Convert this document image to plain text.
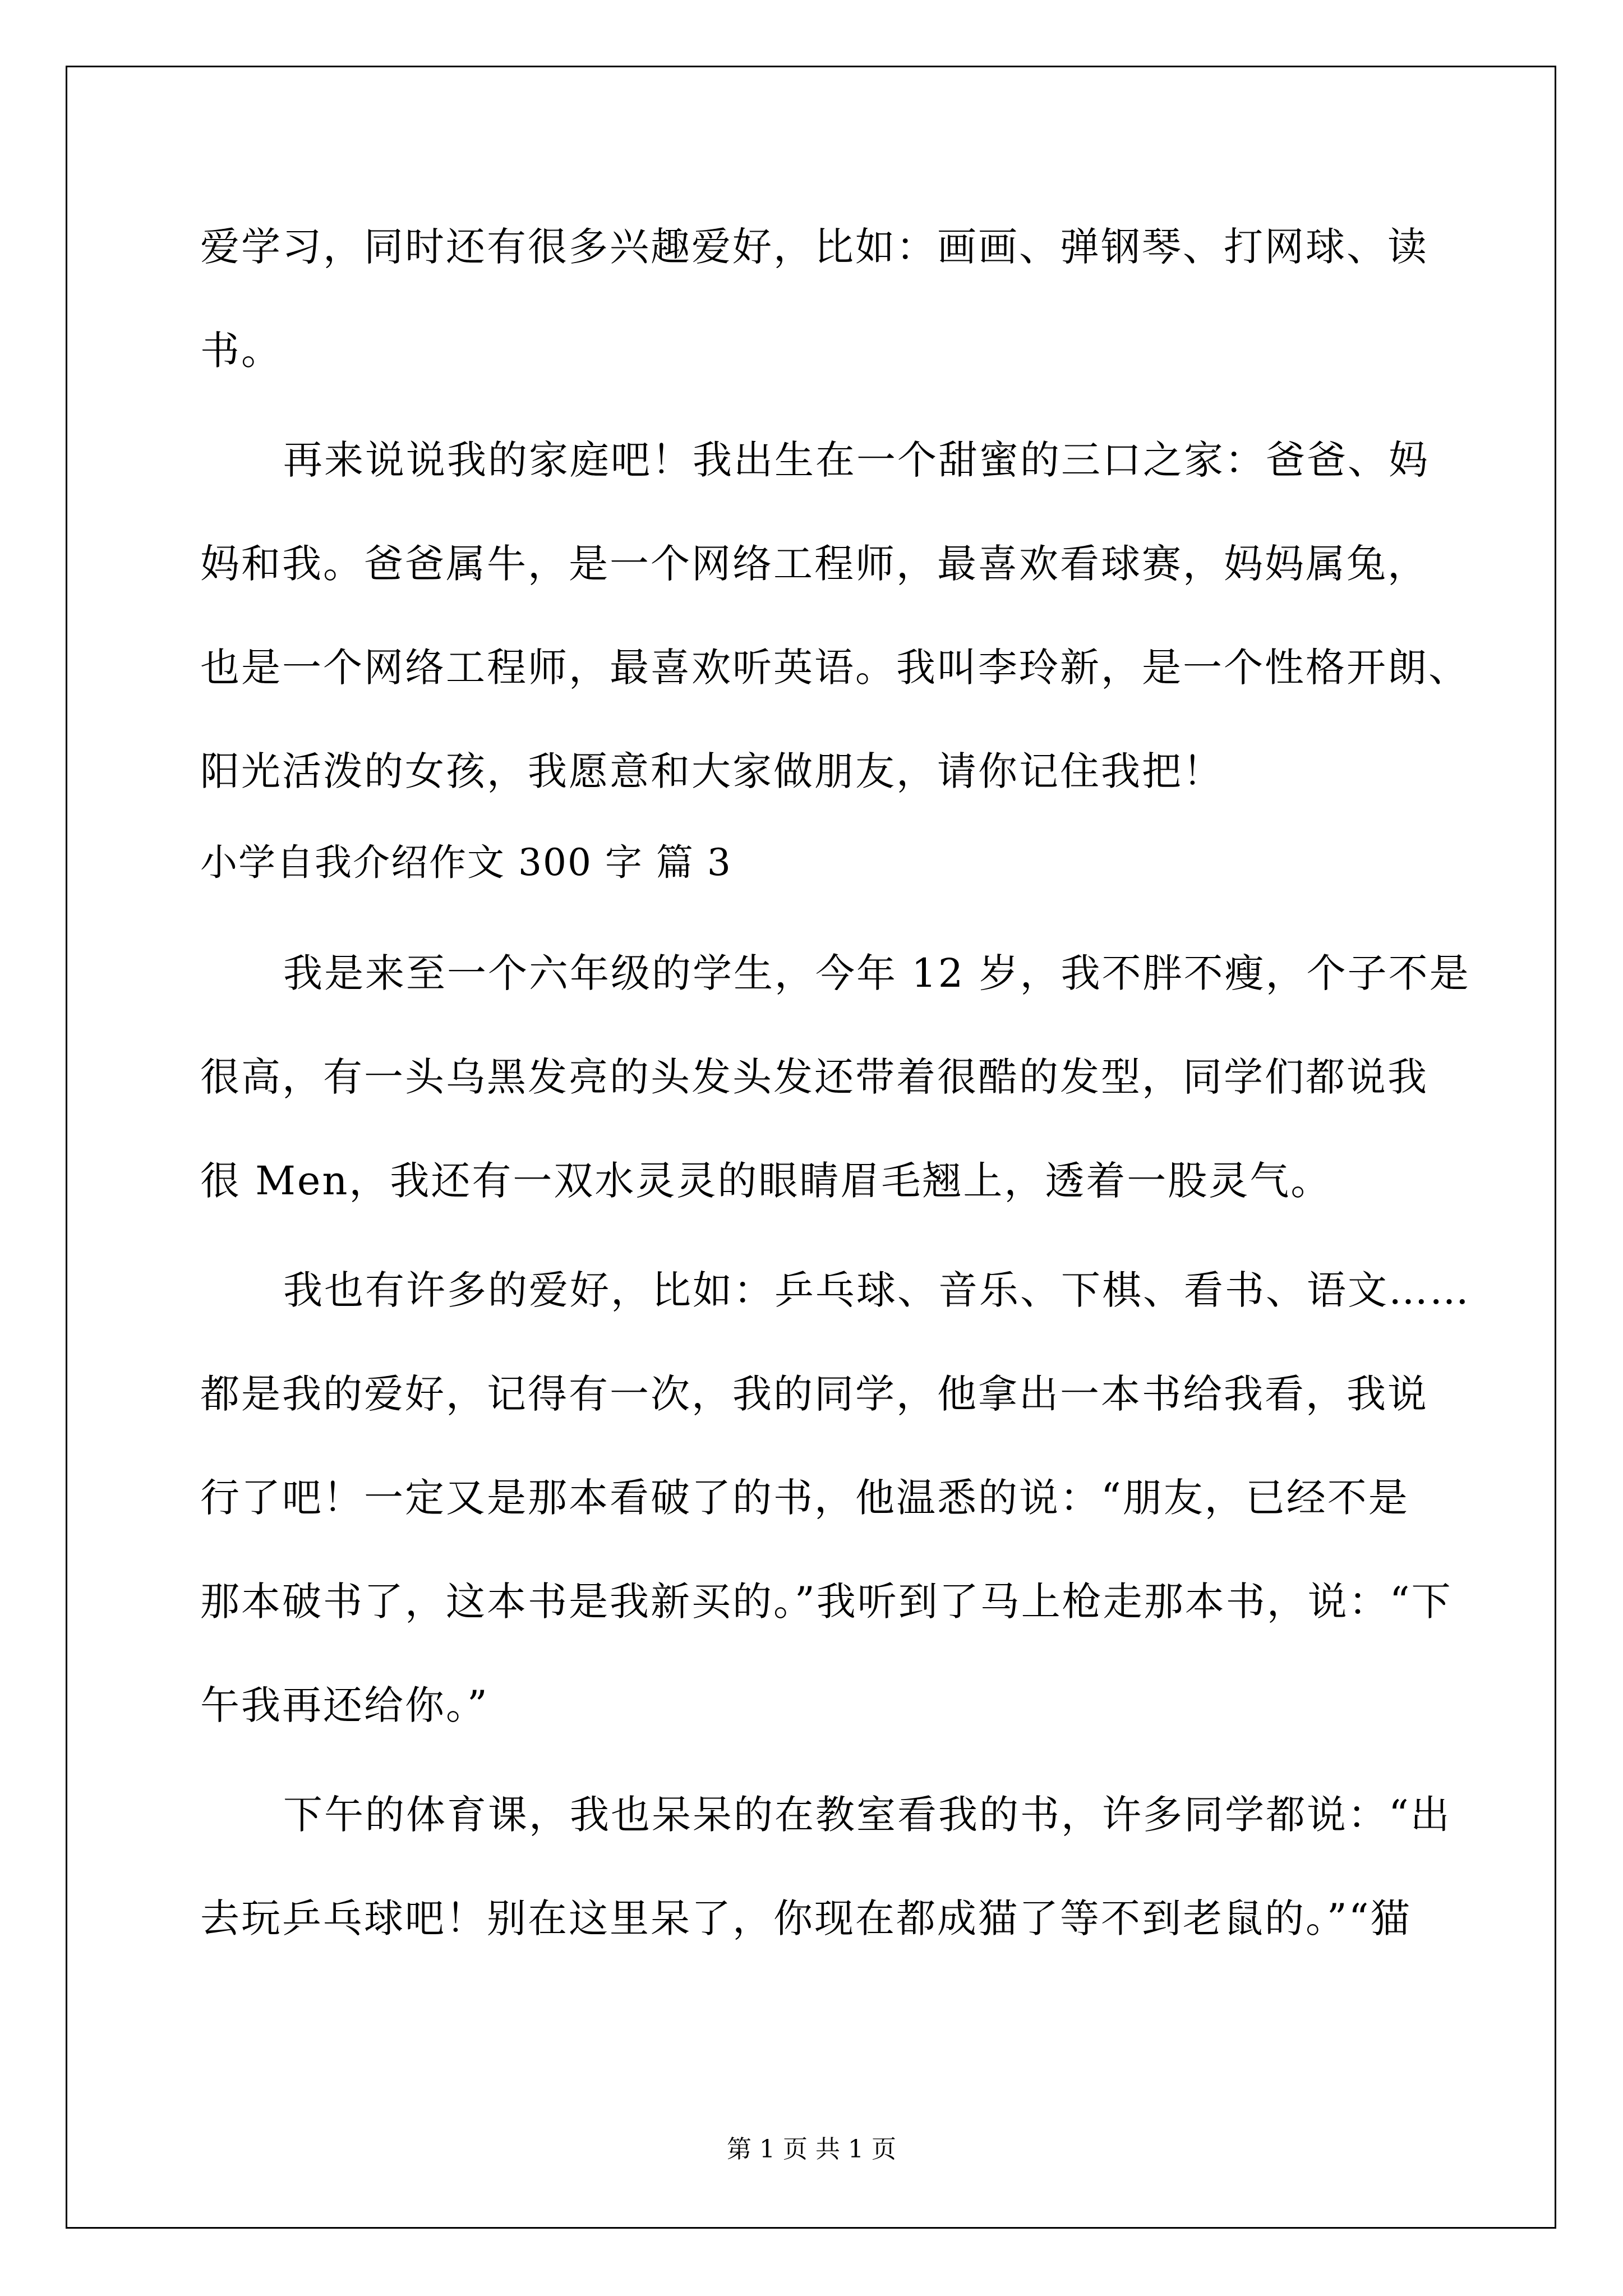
爱学习，同时还有很多兴趣爱好，比如：画画、弹钢琴、打网球、读
书。
再来说说我的家庭吧！我出生在一个甜蜜的三口之家：爸爸、妈
妈和我。爸爸属牛，是一个网络工程师，最喜欢看球赛，妈妈属兔，
也是一个网络工程师，最喜欢听英语。我叫李玲新，是一个性格开朗、
阳光活泼的女孩，我愿意和大家做朋友，请你记住我把！
小学自我介绍作文 300 字 篇 3
我是来至一个六年级的学生，今年 12 岁，我不胖不瘦，个子不是
很高，有一头乌黑发亮的头发头发还带着很酷的发型，同学们都说我
很 Men，我还有一双水灵灵的眼睛眉毛翘上，透着一股灵气。
我也有许多的爱好，比如：乒乓球、音乐、下棋、看书、语文……
都是我的爱好，记得有一次，我的同学，他拿出一本书给我看，我说
行了吧！一定又是那本看破了的书，他温悉的说：“朋友，已经不是
那本破书了，这本书是我新买的。”我听到了马上枪走那本书，说：“下
午我再还给你。”
下午的体育课，我也呆呆的在教室看我的书，许多同学都说：“出
去玩乒乓球吧！别在这里呆了，你现在都成猫了等不到老鼠的。”“猫
第 1 页 共 1 页
